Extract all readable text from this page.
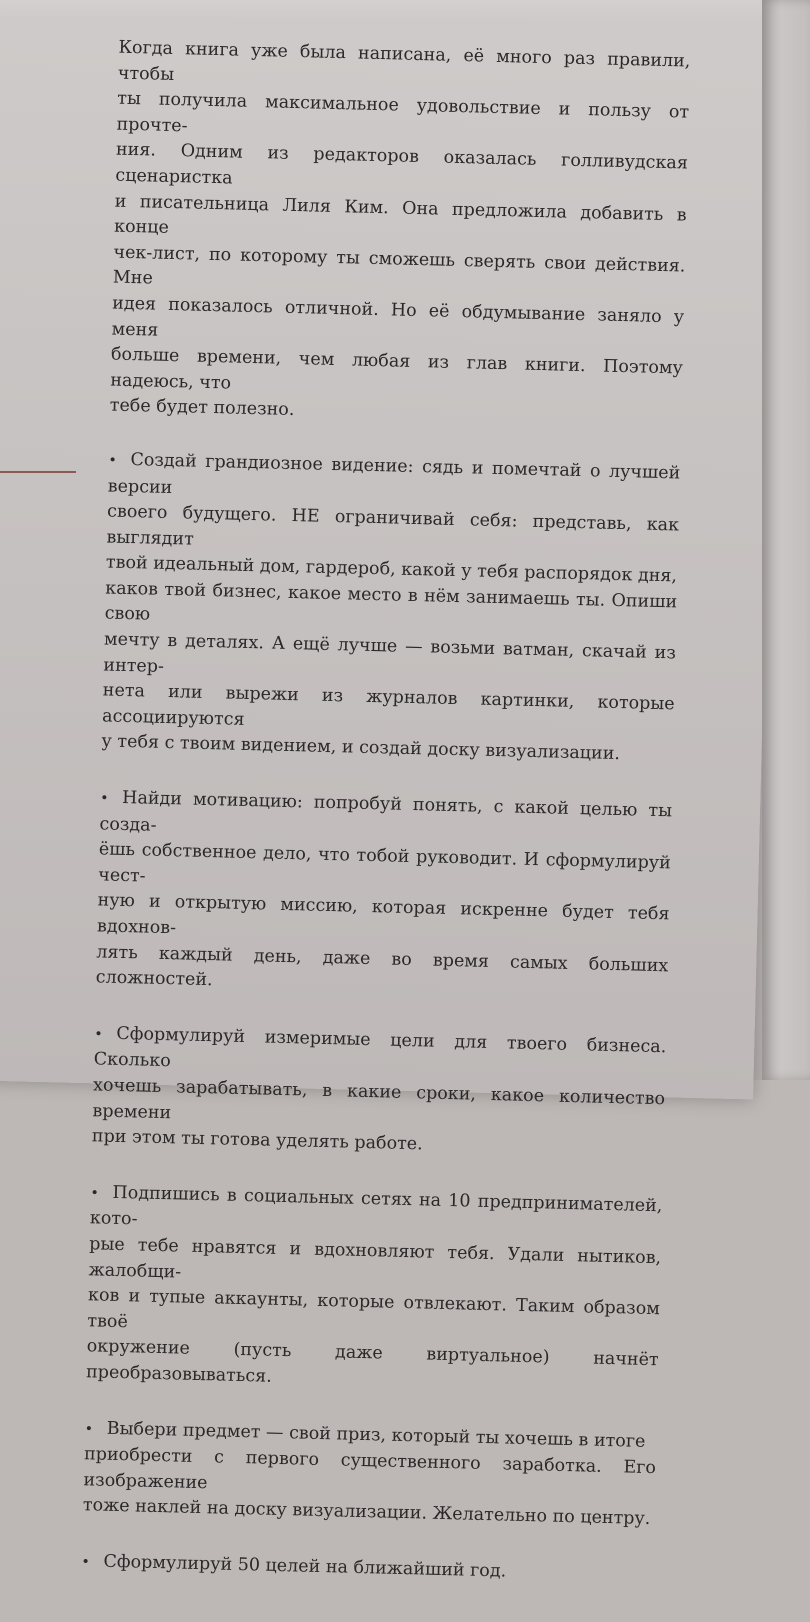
Когда книга уже была написана, её много раз правили, чтобы
ты получила максимальное удовольствие и пользу от прочте-
ния. Одним из редакторов оказалась голливудская сценаристка
и писательница Лиля Ким. Она предложила добавить в конце
чек-лист, по которому ты сможешь сверять свои действия. Мне
идея показалось отличной. Но её обдумывание заняло у меня
больше времени, чем любая из глав книги. Поэтому надеюсь, что
тебе будет полезно.
• Создай грандиозное видение: сядь и помечтай о лучшей версии
своего будущего. НЕ ограничивай себя: представь, как выглядит
твой идеальный дом, гардероб, какой у тебя распорядок дня,
каков твой бизнес, какое место в нём занимаешь ты. Опиши свою
мечту в деталях. А ещё лучше — возьми ватман, скачай из интер-
нета или вырежи из журналов картинки, которые ассоциируются
у тебя с твоим видением, и создай доску визуализации.
• Найди мотивацию: попробуй понять, с какой целью ты созда-
ёшь собственное дело, что тобой руководит. И сформулируй чест-
ную и открытую миссию, которая искренне будет тебя вдохнов-
лять каждый день, даже во время самых больших сложностей.
• Сформулируй измеримые цели для твоего бизнеса. Сколько
хочешь зарабатывать, в какие сроки, какое количество времени
при этом ты готова уделять работе.
• Подпишись в социальных сетях на 10 предпринимателей, кото-
рые тебе нравятся и вдохновляют тебя. Удали нытиков, жалобщи-
ков и тупые аккаунты, которые отвлекают. Таким образом твоё
окружение (пусть даже виртуальное) начнёт преобразовываться.
• Выбери предмет — свой приз, который ты хочешь в итоге
приобрести с первого существенного заработка. Его изображение
тоже наклей на доску визуализации. Желательно по центру.
• Сформулируй 50 целей на ближайший год.
